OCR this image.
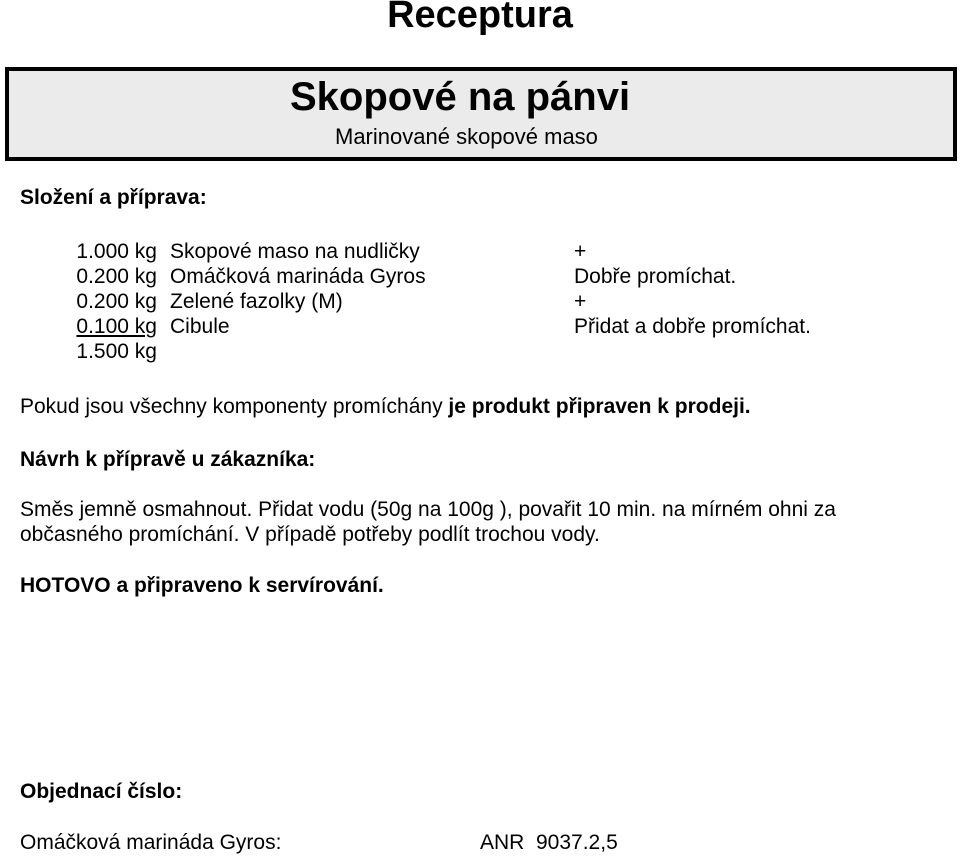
Receptura
Skopové na pánvi
Marinované skopové maso
Složení a příprava:
1.000 kg Skopové maso na nudličky	+
0.200 kg Omáčková marináda Gyros	Dobře promíchat.
0.200 kg Zelené fazolky (M)	+
0.100 kg Cibule	Přidat a dobře promíchat.
1.500 kg
Pokud jsou všechny komponenty promíchány je produkt připraven k prodeji.
Návrh k přípravě u zákazníka:
Směs jemně osmahnout. Přidat vodu (50g na 100g ), povařit 10 min. na mírném ohni za
občasného promíchání. V případě potřeby podlít trochou vody.
HOTOVO a připraveno k servírování.
Objednací číslo:
Omáčková marináda Gyros:	ANR  9037.2,5
